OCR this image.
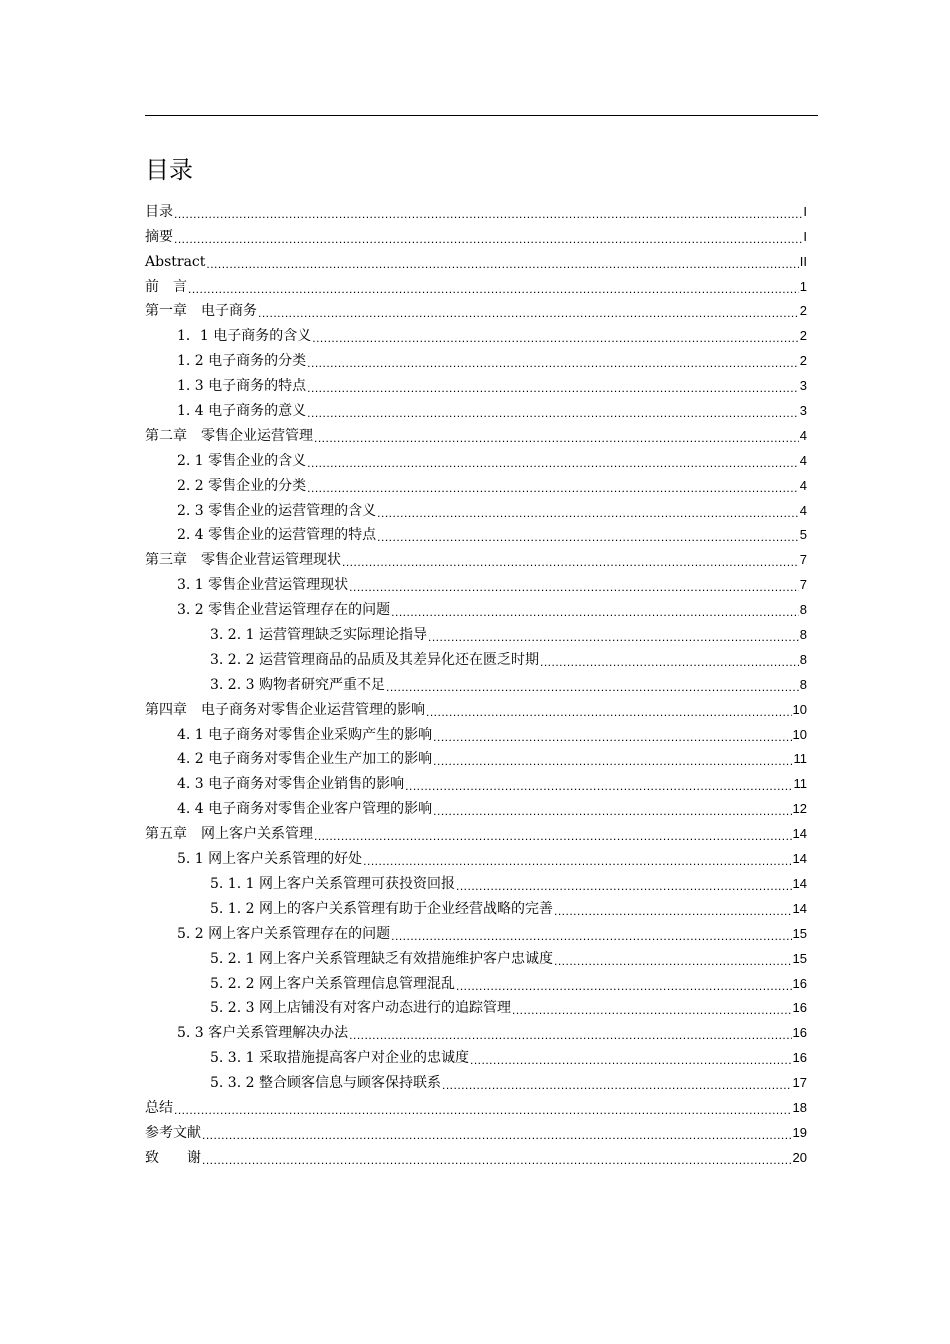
目录
目录 .....	I
摘要 .....	I
Abstract .....	II
前　言 .....	1
第一章　电子商务 .....	2
1．1 电子商务的含义 .....	2
1. 2 电子商务的分类 .....	2
1. 3 电子商务的特点 .....	3
1. 4 电子商务的意义 .....	3
第二章　零售企业运营管理 .....	4
2. 1 零售企业的含义 .....	4
2. 2 零售企业的分类 .....	4
2. 3 零售企业的运营管理的含义 .....	4
2. 4 零售企业的运营管理的特点 .....	5
第三章　零售企业营运管理现状 .....	7
3. 1 零售企业营运管理现状 .....	7
3. 2 零售企业营运管理存在的问题 .....	8
3. 2. 1 运营管理缺乏实际理论指导 .....	8
3. 2. 2 运营管理商品的品质及其差异化还在匮乏时期 .....	8
3. 2. 3 购物者研究严重不足 .....	8
第四章　电子商务对零售企业运营管理的影响 .....	10
4. 1 电子商务对零售企业采购产生的影响 .....	10
4. 2 电子商务对零售企业生产加工的影响 .....	11
4. 3 电子商务对零售企业销售的影响 .....	11
4. 4 电子商务对零售企业客户管理的影响 .....	12
第五章　网上客户关系管理 .....	14
5. 1 网上客户关系管理的好处 .....	14
5. 1. 1 网上客户关系管理可获投资回报 .....	14
5. 1. 2 网上的客户关系管理有助于企业经营战略的完善 .....	14
5. 2 网上客户关系管理存在的问题 .....	15
5. 2. 1 网上客户关系管理缺乏有效措施维护客户忠诚度 .....	15
5. 2. 2 网上客户关系管理信息管理混乱 .....	16
5. 2. 3 网上店铺没有对客户动态进行的追踪管理 .....	16
5. 3 客户关系管理解决办法 .....	16
5. 3. 1 采取措施提高客户对企业的忠诚度 .....	16
5. 3. 2 整合顾客信息与顾客保持联系 .....	17
总结 .....	18
参考文献 .....	19
致　　谢 .....	20
